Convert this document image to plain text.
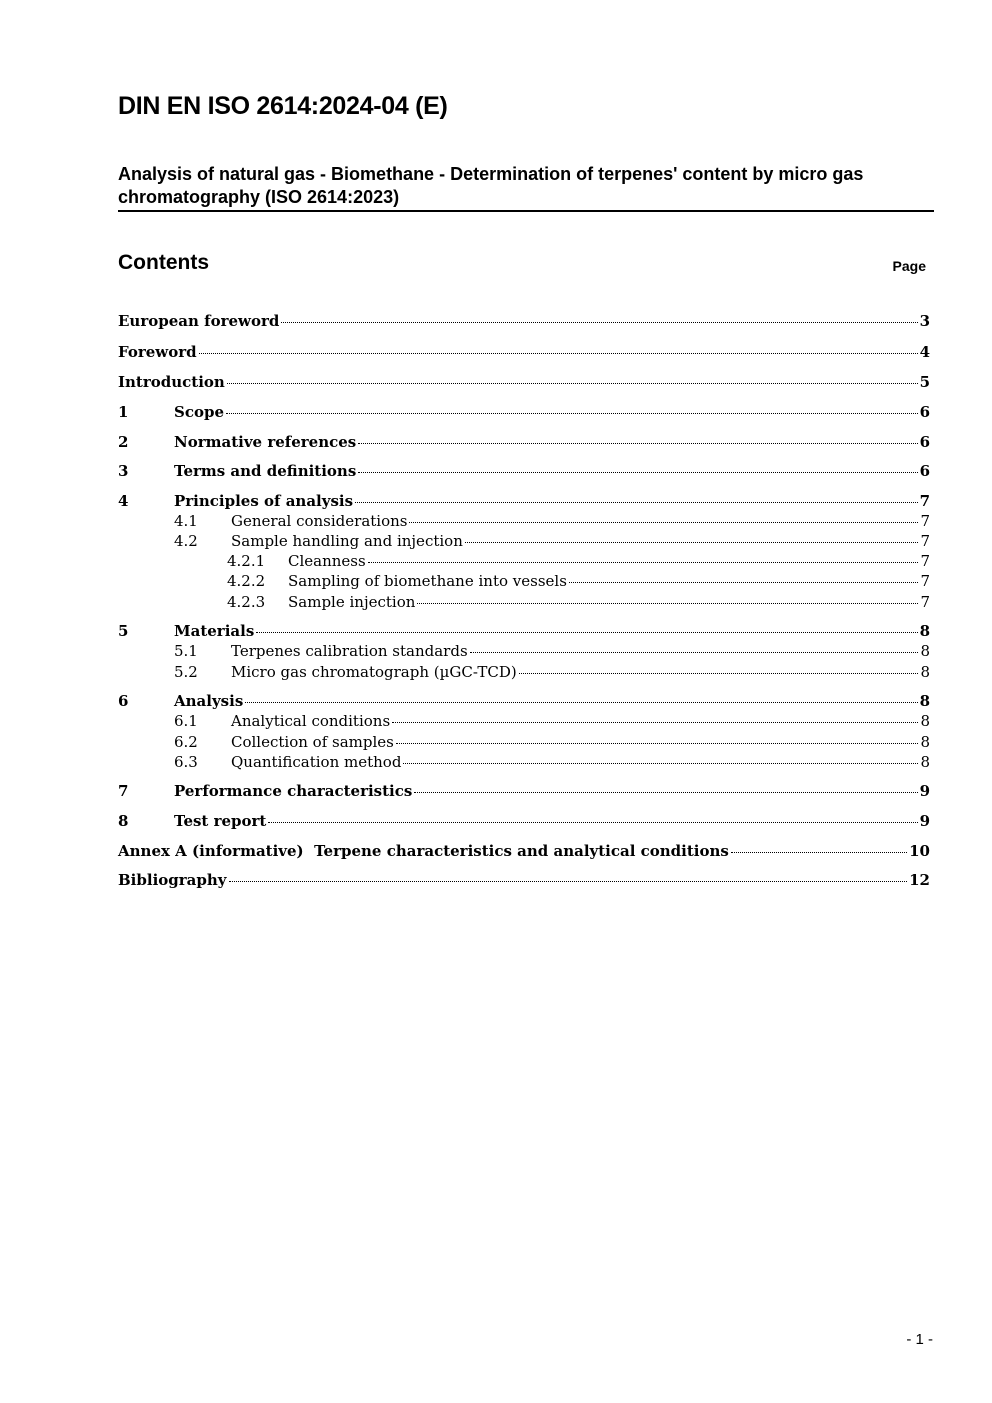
DIN EN ISO 2614:2024-04 (E)
Analysis of natural gas - Biomethane - Determination of terpenes' content by micro gas chromatography (ISO 2614:2023)
Contents	Page
European foreword	3
Foreword	4
Introduction	5
1	Scope	6
2	Normative references	6
3	Terms and definitions	6
4	Principles of analysis	7
4.1	General considerations	7
4.2	Sample handling and injection	7
4.2.1	Cleanness	7
4.2.2	Sampling of biomethane into vessels	7
4.2.3	Sample injection	7
5	Materials	8
5.1	Terpenes calibration standards	8
5.2	Micro gas chromatograph (µGC-TCD)	8
6	Analysis	8
6.1	Analytical conditions	8
6.2	Collection of samples	8
6.3	Quantification method	8
7	Performance characteristics	9
8	Test report	9
Annex A (informative)  Terpene characteristics and analytical conditions	10
Bibliography	12
- 1 -
